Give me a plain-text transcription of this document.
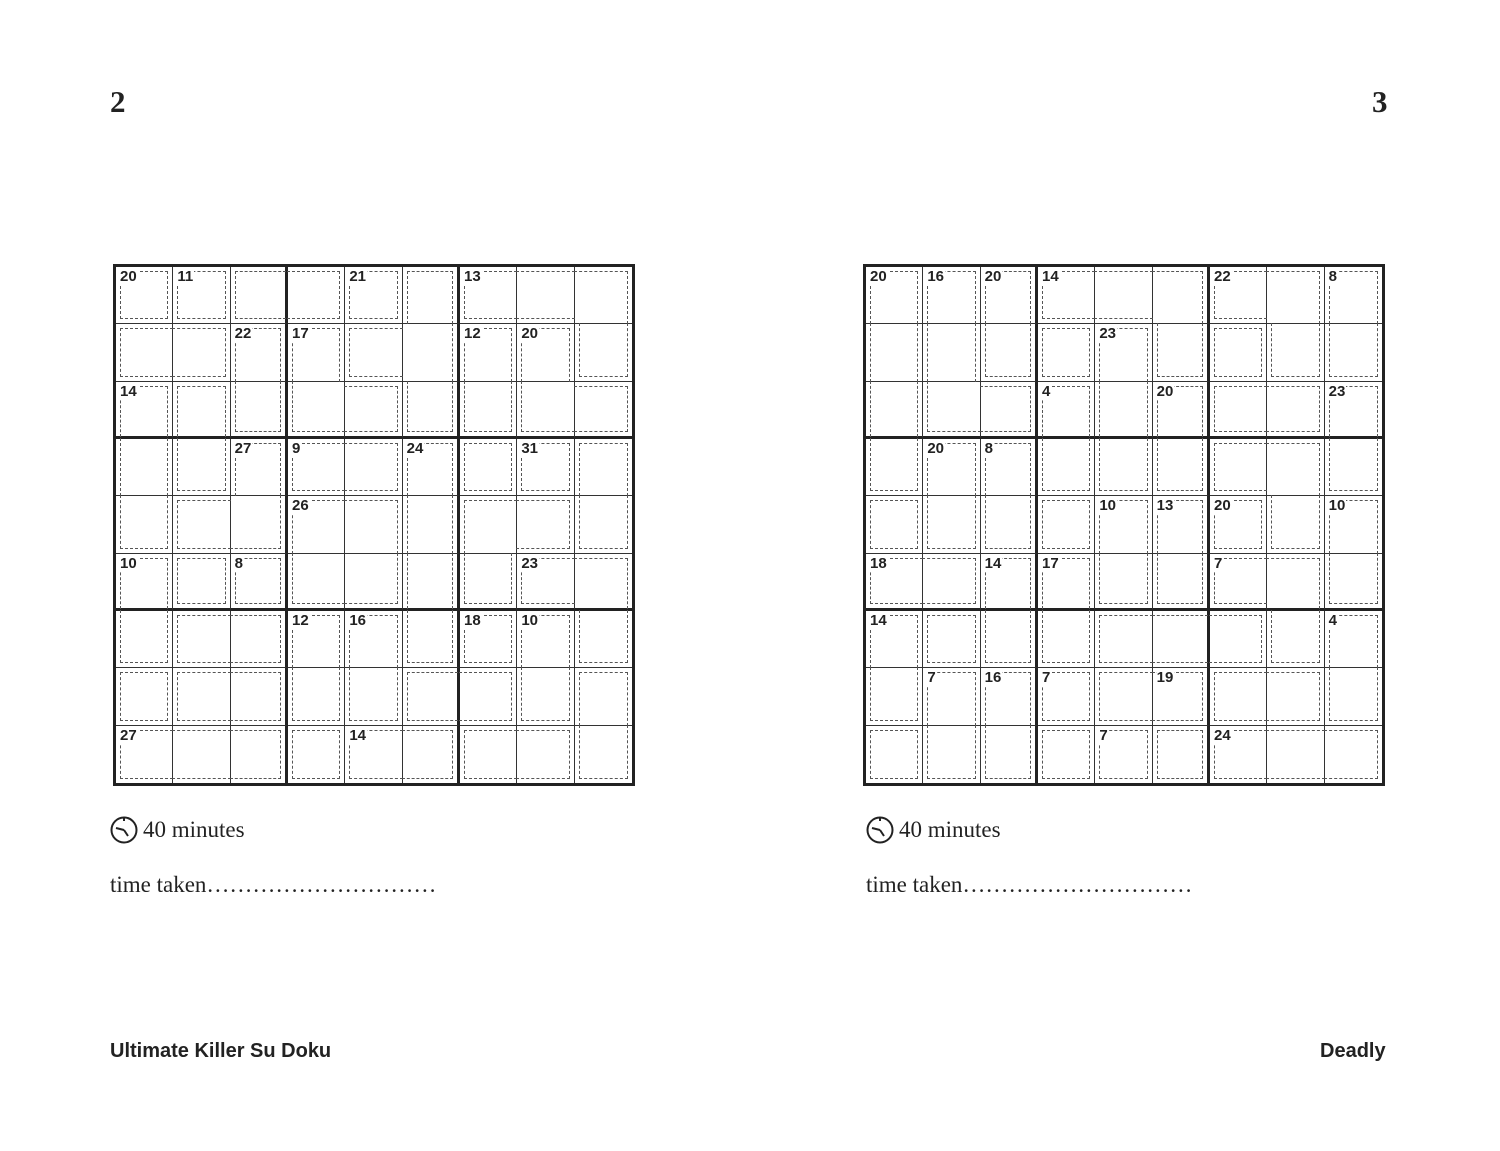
2	3
20	11	21	13
22	17	12	20
14
27	9	24	31
26
10	8	23
12	16	18	10
27	14
20	16	20	14	22	8
23
4	20	23
20	8
10	13	20	10
18	14	17	7
14	4
7	16	7	19
7	24
40 minutes	40 minutes
time taken…………………………	time taken…………………………
Ultimate Killer Su Doku	Deadly
